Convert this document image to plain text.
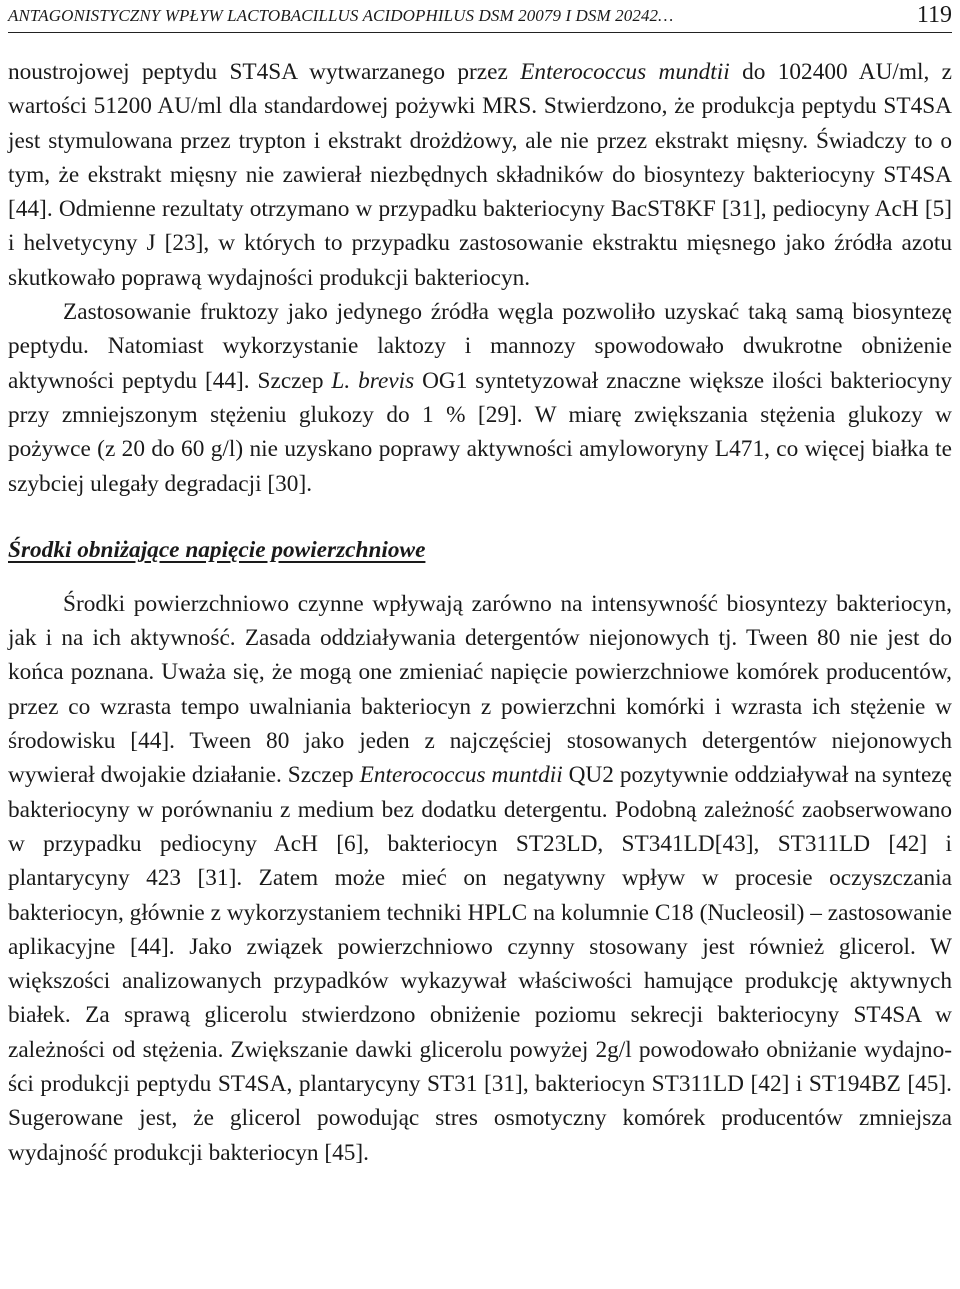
ANTAGONISTYCZNY WPŁYW LACTOBACILLUS ACIDOPHILUS DSM 20079 I DSM 20242…	119

noustrojowej peptydu ST4SA wytwarzanego przez Enterococcus mundtii do 102400 AU/ml, z wartości 51200 AU/ml dla standardowej pożywki MRS. Stwierdzono, że produkcja peptydu ST4SA jest stymulowana przez trypton i ekstrakt drożdżowy, ale nie przez ekstrakt mięsny. Świadczy to o tym, że ekstrakt mięsny nie zawierał niezbędnych składników do biosyntezy bakteriocyny ST4SA [44]. Odmienne rezultaty otrzymano w przypadku bakteriocyny BacST8KF [31], pediocyny AcH [5] i helvetycyny J [23], w których to przypadku zastosowanie ekstraktu mięsnego jako źródła azotu skutkowało poprawą wydajności produkcji bakteriocyn.

Zastosowanie fruktozy jako jedynego źródła węgla pozwoliło uzyskać taką samą biosyntezę peptydu. Natomiast wykorzystanie laktozy i mannozy spowodowało dwukrotne obniżenie aktywności peptydu [44]. Szczep L. brevis OG1 syntetyzował znaczne większe ilości bakteriocyny przy zmniejszonym stężeniu glukozy do 1 % [29]. W miarę zwiększania stężenia glukozy w pożywce (z 20 do 60 g/l) nie uzyskano poprawy aktywności amyloworyny L471, co więcej białka te szybciej ulegały degradacji [30].

Środki obniżające napięcie powierzchniowe

Środki powierzchniowo czynne wpływają zarówno na intensywność biosyntezy bakteriocyn, jak i na ich aktywność. Zasada oddziaływania detergentów niejonowych tj. Tween 80 nie jest do końca poznana. Uważa się, że mogą one zmieniać napięcie powierzchniowe komórek producentów, przez co wzrasta tempo uwalniania bakteriocyn z powierzchni komórki i wzrasta ich stężenie w środowisku [44]. Tween 80 jako jeden z najczęściej stosowanych detergentów niejonowych wywierał dwojakie działanie. Szczep Enterococcus muntdii QU2 pozytywnie oddziaływał na syntezę bakteriocyny w porównaniu z medium bez dodatku detergentu. Podobną zależność zaobserwowano w przypadku pediocyny AcH [6], bakteriocyn ST23LD, ST341LD[43], ST311LD [42] i plantarycyny 423 [31]. Zatem może mieć on negatywny wpływ w procesie oczyszczania bakteriocyn, głównie z wykorzystaniem techniki HPLC na kolumnie C18 (Nucleosil) – zastosowanie aplikacyjne [44]. Jako związek powierzchniowo czynny stosowany jest również glicerol. W większości analizowanych przypadków wykazywał właściwości hamujące produkcję aktywnych białek. Za sprawą glicerolu stwierdzono obniżenie poziomu sekrecji bakteriocyny ST4SA w zależności od stężenia. Zwiększanie dawki glicerolu powyżej 2g/l powodowało obniżanie wydajności produkcji peptydu ST4SA, plantarycyny ST31 [31], bakteriocyn ST311LD [42] i ST194BZ [45]. Sugerowane jest, że glicerol powodując stres osmotyczny komórek producentów zmniejsza wydajność produkcji bakteriocyn [45].
